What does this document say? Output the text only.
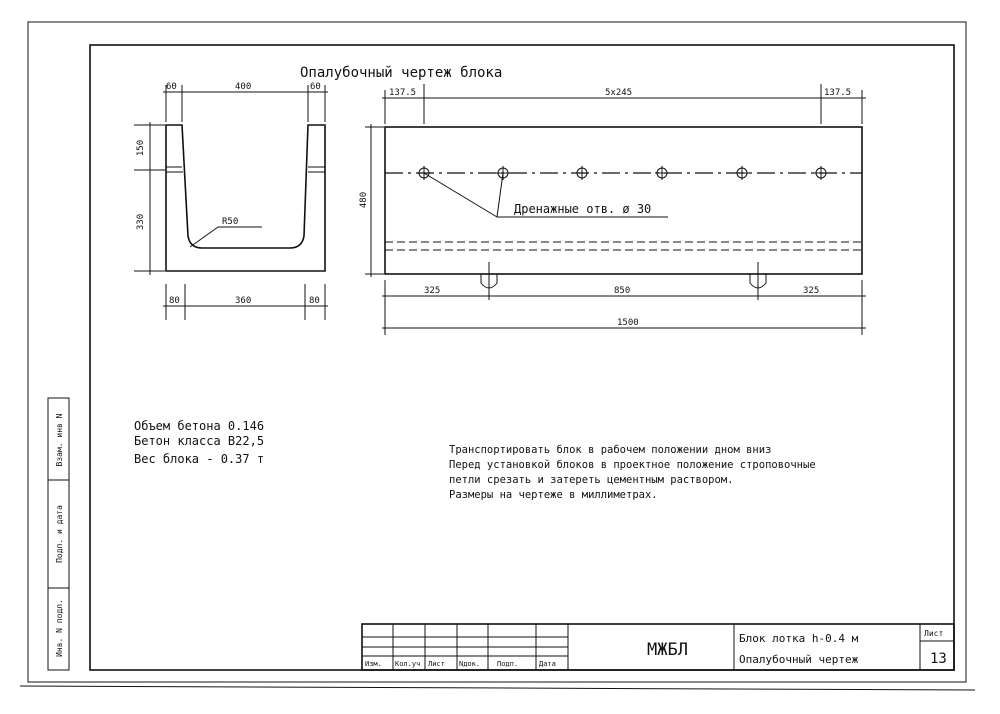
Взам. инв N
Подп. и дата
Инв. N подл.
Опалубочный чертеж блока
60	400	60
150
330	R50
80	360	80
137.5	5x245	137.5
480
Дренажные отв. ø 30
325	850	325
1500
Объем бетона 0.146
Бетон класса В22,5
Вес блока - 0.37 т
Транспортировать блок в рабочем положении дном вниз
Перед установкой блоков в проектное положение строповочные
петли срезать и затереть цементным раствором.
Размеры на чертеже в миллиметрах.
Изм. Кол.уч Лист Nдок. Подп.	Дата
МЖБЛ
Блок лотка h-0.4 м
Опалубочный чертеж
Лист
13
